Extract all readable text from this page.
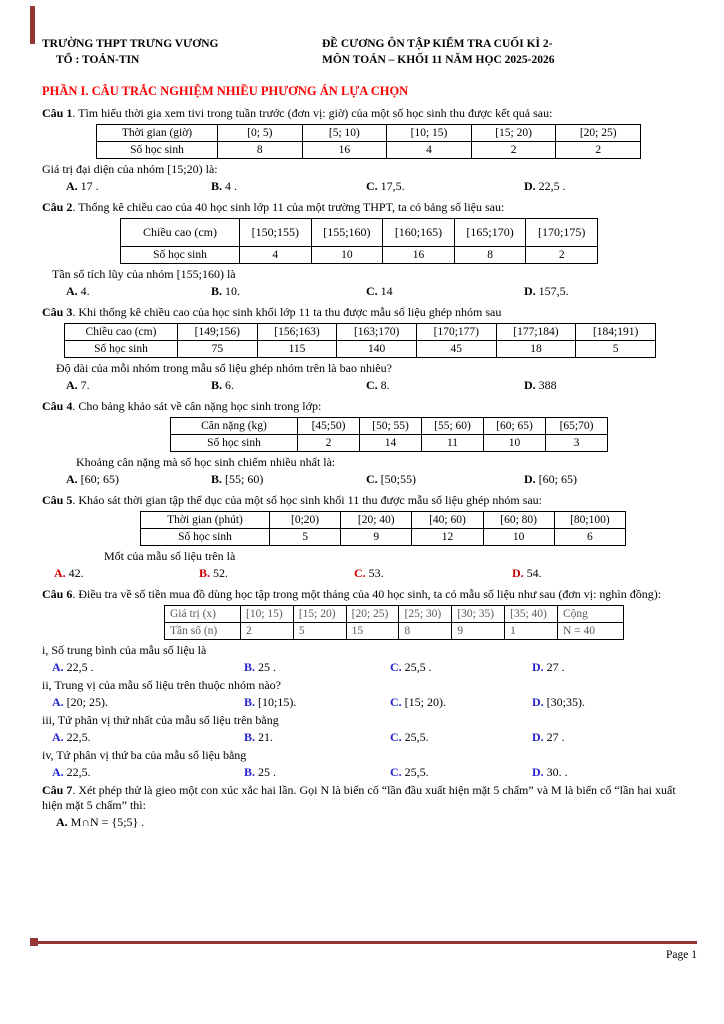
TRƯỜNG THPT TRƯNG VƯƠNG
TỔ : TOÁN-TIN
ĐỀ CƯƠNG ÔN TẬP KIỂM TRA CUỐI KÌ 2-
MÔN TOÁN – KHỐI 11 NĂM HỌC 2025-2026
PHẦN I. CÂU TRẮC NGHIỆM NHIỀU PHƯƠNG ÁN LỰA CHỌN

Câu 1. Tìm hiểu thời gia xem tivi trong tuần trước (đơn vị: giờ) của một số học sinh thu được kết quả sau:

Thời gian (giờ)	[0; 5)	[5; 10)	[10; 15)	[15; 20)	[20; 25)
Số học sinh	8	16	4	2	2

Giá trị đại diện của nhóm [15;20) là:

A. 17 .	B. 4 .	C. 17,5.	D. 22,5 .

Câu 2. Thống kê chiều cao của 40 học sinh lớp 11 của một trường THPT, ta có bảng số liệu sau:

Chiều cao (cm)	[150;155)	[155;160)	[160;165)	[165;170)	[170;175)
Số học sinh	4	10	16	8	2

Tần số tích lũy của nhóm [155;160) là

A. 4.	B. 10.	C. 14	D. 157,5.

Câu 3. Khi thống kê chiều cao của học sinh khối lớp 11 ta thu được mẫu số liệu ghép nhóm sau

Chiều cao (cm)	[149;156)	[156;163)	[163;170)	[170;177)	[177;184)	[184;191)
Số học sinh	75	115	140	45	18	5

Độ dài của mỗi nhóm trong mẫu số liệu ghép nhóm trên là bao nhiêu?

A. 7.	B. 6.	C. 8.	D. 388

Câu 4. Cho bảng khảo sát về cân nặng học sinh trong lớp:

Cân nặng (kg)	[45;50)	[50; 55)	[55; 60)	[60; 65)	[65;70)
Số học sinh	2	14	11	10	3

Khoảng cân nặng mà số học sinh chiếm nhiều nhất là:

A. [60; 65)	B. [55; 60)	C. [50;55)	D. [60; 65)

Câu 5. Khảo sát thời gian tập thể dục của một số học sinh khối 11 thu được mẫu số liệu ghép nhóm sau:

Thời gian (phút)	[0;20)	[20; 40)	[40; 60)	[60; 80)	[80;100)
Số học sinh	5	9	12	10	6

Mốt của mẫu số liệu trên là

A. 42.	B. 52.	C. 53.	D. 54.

Câu 6. Điều tra về số tiền mua đồ dùng học tập trong một tháng của 40 học sinh, ta có mẫu số liệu như sau (đơn vị: nghìn đồng):

Giá trị (x)	[10; 15)	[15; 20)	[20; 25)	[25; 30)	[30; 35)	[35; 40)	Cộng
Tần số (n)	2	5	15	8	9	1	N = 40

i, Số trung bình của mẫu số liệu là

A. 22,5 .	B. 25 .	C. 25,5 .	D. 27 .

ii, Trung vị của mẫu số liệu trên thuộc nhóm nào?

A. [20; 25).	B. [10;15).	C. [15; 20).	D. [30;35).

iii, Tứ phân vị thứ nhất của mẫu số liệu trên bằng

A. 22,5.	B. 21.	C. 25,5.	D. 27 .

iv, Tứ phân vị thứ ba của mẫu số liệu bằng

A. 22,5.	B. 25 .	C. 25,5.	D. 30. .

Câu 7. Xét phép thử là gieo một con xúc xắc hai lần. Gọi N là biến cố “lần đầu xuất hiện mặt 5 chấm” và M là biến cố “lần hai xuất hiện mặt 5 chấm” thì:

A. M∩N = {5;5} .
Page 1
